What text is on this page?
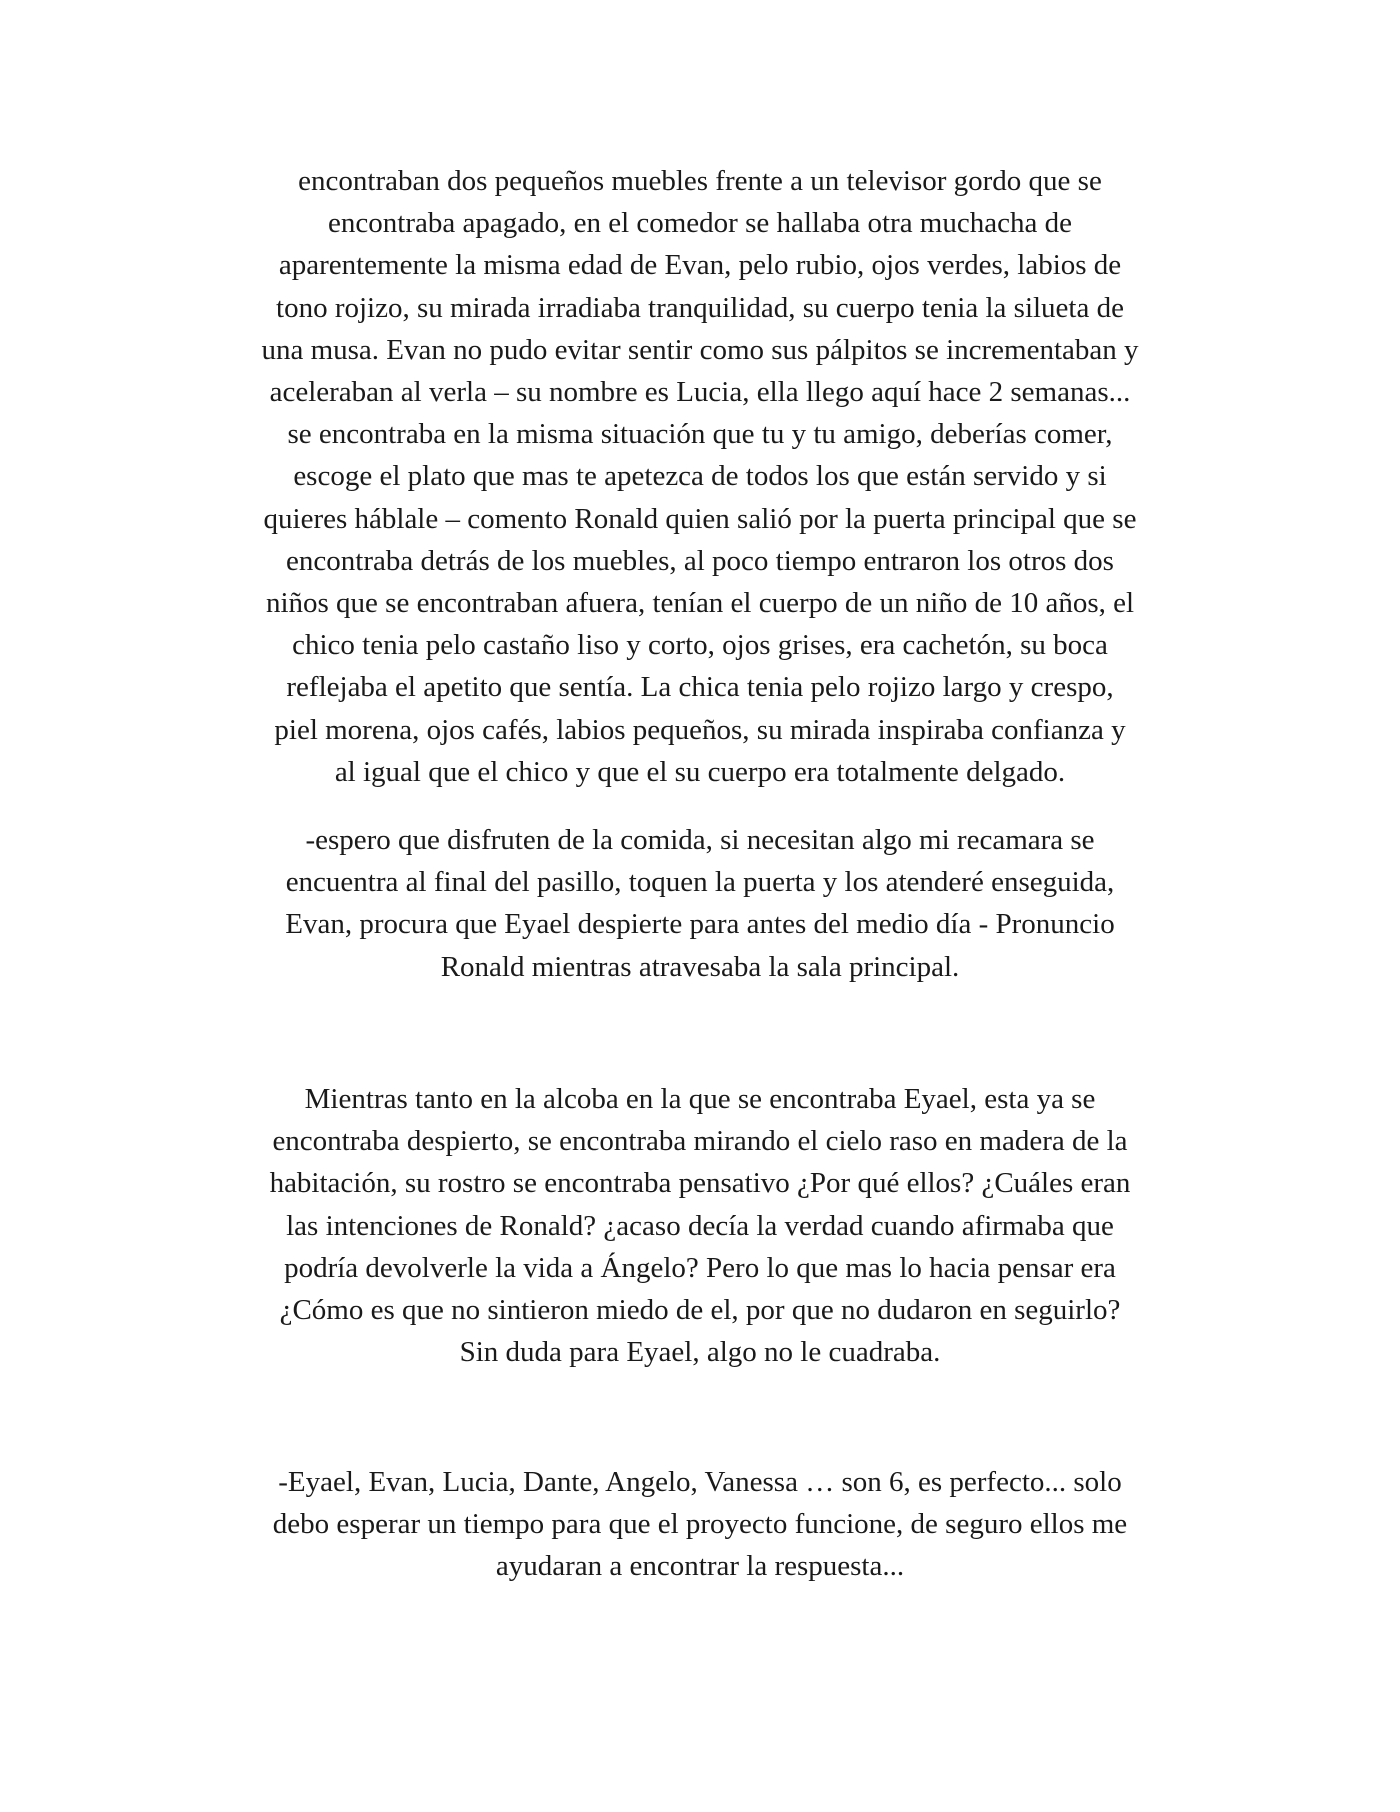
encontraban dos pequeños muebles frente a un televisor gordo que se
encontraba apagado, en el comedor se hallaba otra muchacha de
aparentemente la misma edad de Evan, pelo rubio, ojos verdes, labios de
tono rojizo, su mirada irradiaba tranquilidad, su cuerpo tenia la silueta de
una musa. Evan no pudo evitar sentir como sus pálpitos se incrementaban y
aceleraban al verla – su nombre es Lucia, ella llego aquí hace 2 semanas...
se encontraba en la misma situación que tu y tu amigo, deberías comer,
escoge el plato que mas te apetezca de todos los que están servido y si
quieres háblale – comento Ronald quien salió por la puerta principal que se
encontraba detrás de los muebles, al poco tiempo entraron los otros dos
niños que se encontraban afuera, tenían el cuerpo de un niño de 10 años, el
chico tenia pelo castaño liso y corto, ojos grises, era cachetón, su boca
reflejaba el apetito que sentía. La chica tenia pelo rojizo largo y crespo,
piel morena, ojos cafés, labios pequeños, su mirada inspiraba confianza y
al igual que el chico y que el su cuerpo era totalmente delgado.

-espero que disfruten de la comida, si necesitan algo mi recamara se
encuentra al final del pasillo, toquen la puerta y los atenderé enseguida,
Evan, procura que Eyael despierte para antes del medio día - Pronuncio
Ronald mientras atravesaba la sala principal.

Mientras tanto en la alcoba en la que se encontraba Eyael, esta ya se
encontraba despierto, se encontraba mirando el cielo raso en madera de la
habitación, su rostro se encontraba pensativo ¿Por qué ellos? ¿Cuáles eran
las intenciones de Ronald? ¿acaso decía la verdad cuando afirmaba que
podría devolverle la vida a Ángelo? Pero lo que mas lo hacia pensar era
¿Cómo es que no sintieron miedo de el, por que no dudaron en seguirlo?
Sin duda para Eyael, algo no le cuadraba.

-Eyael, Evan, Lucia, Dante, Angelo, Vanessa … son 6, es perfecto... solo
debo esperar un tiempo para que el proyecto funcione, de seguro ellos me
ayudaran a encontrar la respuesta...
